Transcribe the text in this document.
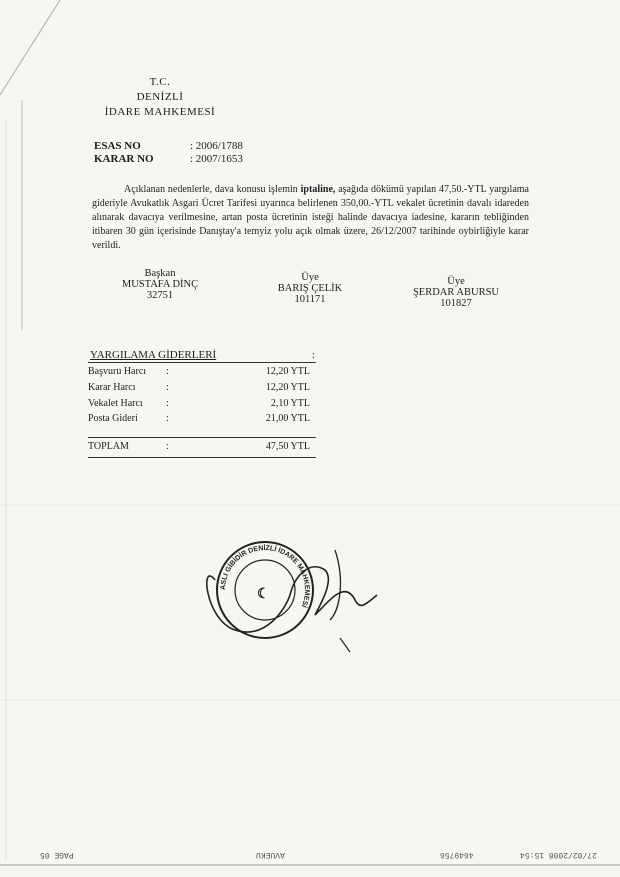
T.C.
DENİZLİ
İDARE MAHKEMESİ
ESAS NO	: 2006/1788
KARAR NO	: 2007/1653
Açıklanan nedenlerle, dava konusu işlemin iptaline, aşağıda dökümü yapılan 47,50.-YTL yargılama gideriyle Avukatlık Asgari Ücret Tarifesi uyarınca belirlenen 350,00.-YTL vekalet ücretinin davalı idareden alınarak davacıya verilmesine, artan posta ücretinin isteği halinde davacıya iadesine, kararın tebliğinden itibaren 30 gün içerisinde Danıştay'a temyiz yolu açık olmak üzere, 26/12/2007 tarihinde oybirliğiyle karar verildi.
Başkan
MUSTAFA DİNÇ
32751
Üye
BARIŞ ÇELİK
101171
Üye
ŞERDAR ABURSU
101827
YARGILAMA GİDERLERİ	:
Başvuru Harcı :	12,20 YTL
Karar Harcı	:	12,20 YTL
Vekalet Harcı :	2,10 YTL
Posta Gideri	:	21,00 YTL
TOPLAM	:	47,50 YTL
ASLI GİBİDİR DENİZLİ İDARE MAHKEMESİ
☾
27/02/2008 15:54
4649756
AVUEKU
PAGE 05
